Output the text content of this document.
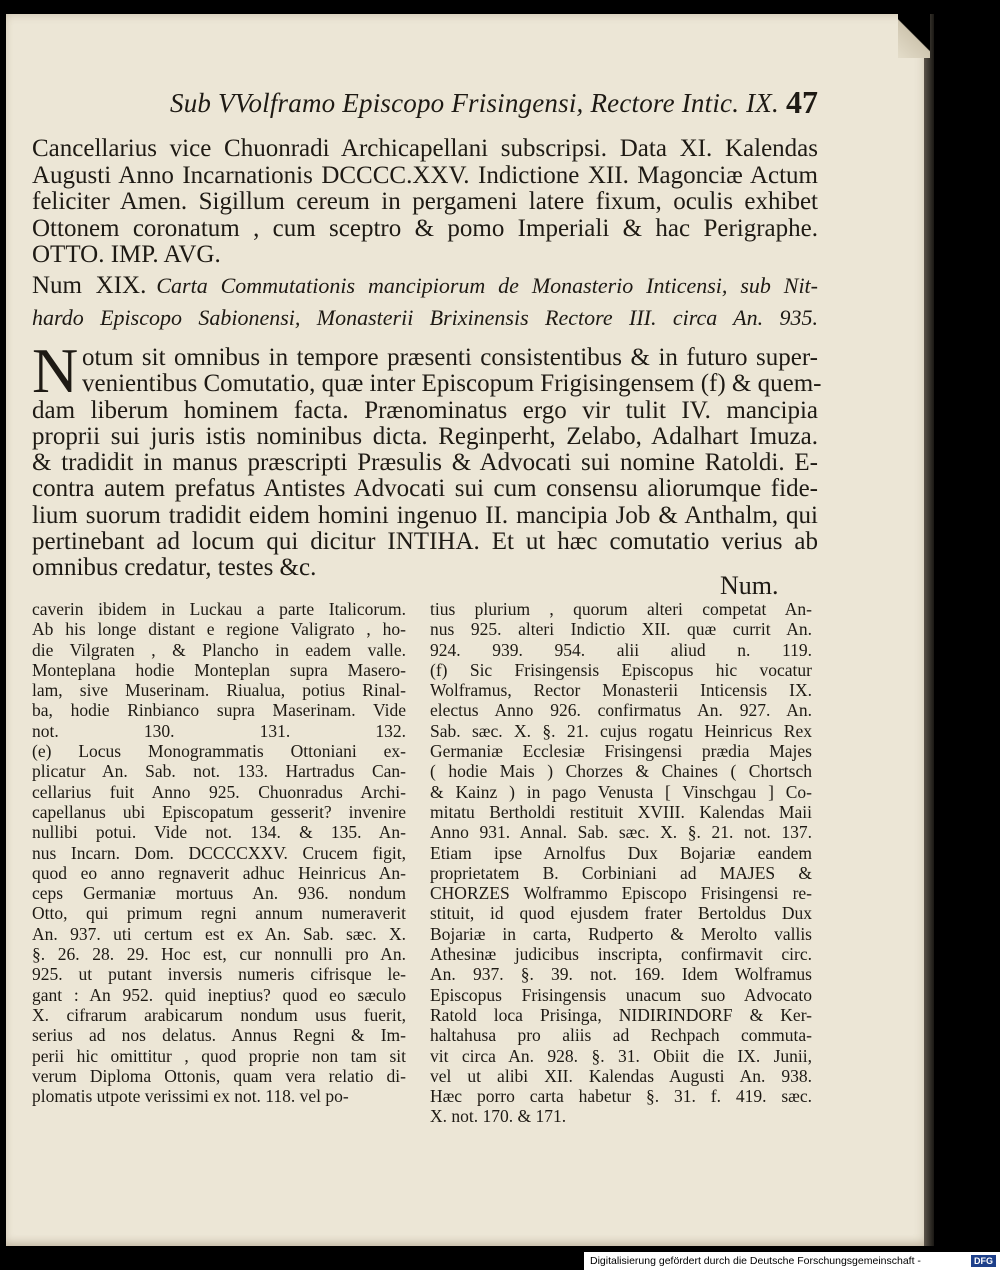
Sub VVolframo Episcopo Frisingensi, Rectore Intic. IX. 47
Cancellarius vice Chuonradi Archicapellani subscripsi. Data XI. Kalendas
Augusti Anno Incarnationis DCCCC.XXV. Indictione XII. Magonciæ Actum
feliciter Amen. Sigillum cereum in pergameni latere fixum, oculis exhibet
Ottonem coronatum , cum sceptro & pomo Imperiali & hac Perigraphe.
OTTO. IMP. AVG.
Num XIX. Carta Commutationis mancipiorum de Monasterio Inticensi, sub Nit-
hardo Episcopo Sabionensi, Monasterii Brixinensis Rectore III. circa An. 935.
N otum sit omnibus in tempore præsenti consistentibus & in futuro super-
venientibus Comutatio, quæ inter Episcopum Frigisingensem (f) & quem-
dam liberum hominem facta. Prænominatus ergo vir tulit IV. mancipia
proprii sui juris istis nominibus dicta. Reginperht, Zelabo, Adalhart Imuza.
& tradidit in manus præscripti Præsulis & Advocati sui nomine Ratoldi. E-
contra autem prefatus Antistes Advocati sui cum consensu aliorumque fide-
lium suorum tradidit eidem homini ingenuo II. mancipia Job & Anthalm, qui
pertinebant ad locum qui dicitur INTIHA. Et ut hæc comutatio verius ab
omnibus credatur, testes &c.
Num.
caverin ibidem in Luckau a parte Italicorum.
Ab his longe distant e regione Valigrato , ho-
die Vilgraten , & Plancho in eadem valle.
Monteplana hodie Monteplan supra Masero-
lam, sive Muserinam. Riualua, potius Rinal-
ba, hodie Rinbianco supra Maserinam. Vide
not. 130. 131. 132.
(e) Locus Monogrammatis Ottoniani ex-
plicatur An. Sab. not. 133. Hartradus Can-
cellarius fuit Anno 925. Chuonradus Archi-
capellanus ubi Episcopatum gesserit? invenire
nullibi potui. Vide not. 134. & 135. An-
nus Incarn. Dom. DCCCCXXV. Crucem figit,
quod eo anno regnaverit adhuc Heinricus An-
ceps Germaniæ mortuus An. 936. nondum
Otto, qui primum regni annum numeraverit
An. 937. uti certum est ex An. Sab. sæc. X.
§. 26. 28. 29. Hoc est, cur nonnulli pro An.
925. ut putant inversis numeris cifrisque le-
gant : An 952. quid ineptius? quod eo sæculo
X. cifrarum arabicarum nondum usus fuerit,
serius ad nos delatus. Annus Regni & Im-
perii hic omittitur , quod proprie non tam sit
verum Diploma Ottonis, quam vera relatio di-
plomatis utpote verissimi ex not. 118. vel po-
tius plurium , quorum alteri competat An-
nus 925. alteri Indictio XII. quæ currit An.
924. 939. 954. alii aliud n. 119.
(f) Sic Frisingensis Episcopus hic vocatur
Wolframus, Rector Monasterii Inticensis IX.
electus Anno 926. confirmatus An. 927. An.
Sab. sæc. X. §. 21. cujus rogatu Heinricus Rex
Germaniæ Ecclesiæ Frisingensi prædia Majes
( hodie Mais ) Chorzes & Chaines ( Chortsch
& Kainz ) in pago Venusta [ Vinschgau ] Co-
mitatu Bertholdi restituit XVIII. Kalendas Maii
Anno 931. Annal. Sab. sæc. X. §. 21. not. 137.
Etiam ipse Arnolfus Dux Bojariæ eandem
proprietatem B. Corbiniani ad MAJES &
CHORZES Wolframmo Episcopo Frisingensi re-
stituit, id quod ejusdem frater Bertoldus Dux
Bojariæ in carta, Rudperto & Merolto vallis
Athesinæ judicibus inscripta, confirmavit circ.
An. 937. §. 39. not. 169. Idem Wolframus
Episcopus Frisingensis unacum suo Advocato
Ratold loca Prisinga, NIDIRINDORF & Ker-
haltahusa pro aliis ad Rechpach commuta-
vit circa An. 928. §. 31. Obiit die IX. Junii,
vel ut alibi XII. Kalendas Augusti An. 938.
Hæc porro carta habetur §. 31. f. 419. sæc.
X. not. 170. & 171.
Digitalisierung gefördert durch die Deutsche Forschungsgemeinschaft -	DFG
